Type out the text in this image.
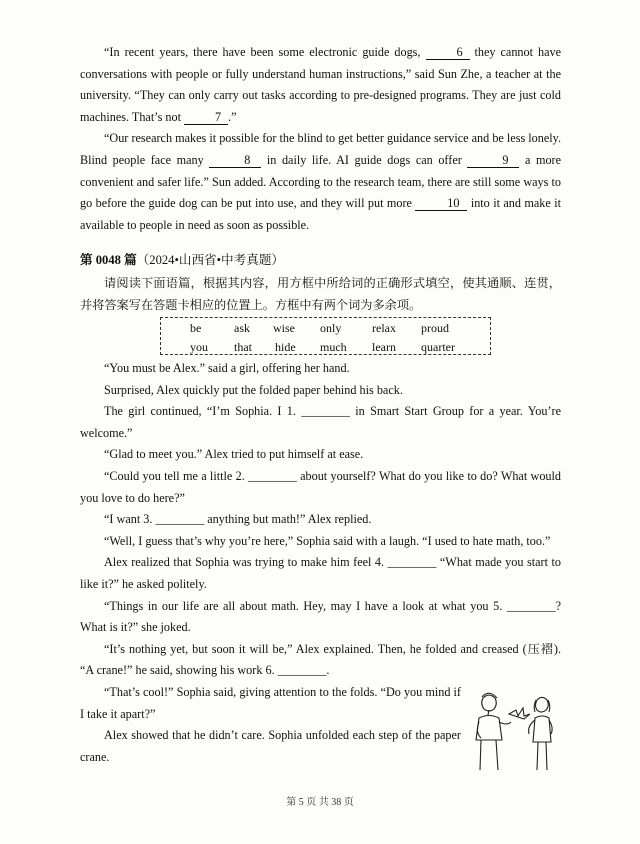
“In recent years, there have been some electronic guide dogs,	6 they cannot have conversations with people or fully understand human instructions,” said Sun Zhe, a teacher at the university. “They can only carry out tasks according to pre-designed programs. They are just cold machines. That’s not	7 .”

“Our research makes it possible for the blind to get better guidance service and be less lonely. Blind people face many	8 in daily life. AI guide dogs can offer	9 a more convenient and safer life.” Sun added. According to the research team, there are still some ways to go before the guide dog can be put into use, and they will put more	10 into it and make it available to people in need as soon as possible.

第 0048 篇（2024•山西省•中考真题）

请阅读下面语篇，根据其内容，用方框中所给词的正确形式填空，使其通顺、连贯，并将答案写在答题卡相应的位置上。方框中有两个词为多余项。

be	ask wise only	relax proud
you that hide much learn quarter

“You must be Alex.” said a girl, offering her hand.

Surprised, Alex quickly put the folded paper behind his back.

The girl continued, “I’m Sophia. I 1. ________ in Smart Start Group for a year. You’re welcome.”

“Glad to meet you.” Alex tried to put himself at ease.

“Could you tell me a little 2. ________ about yourself? What do you like to do? What would you love to do here?”

“I want 3. ________ anything but math!” Alex replied.

“Well, I guess that’s why you’re here,” Sophia said with a laugh. “I used to hate math, too.”

Alex realized that Sophia was trying to make him feel 4. ________ “What made you start to like it?” he asked politely.

“Things in our life are all about math. Hey, may I have a look at what you 5. ________? What is it?” she joked.

“It’s nothing yet, but soon it will be,” Alex explained. Then, he folded and creased (压褶). “A crane!” he said, showing his work 6. ________.

“That’s cool!” Sophia said, giving attention to the folds. “Do you mind if I take it apart?”

Alex showed that he didn’t care. Sophia unfolded each step of the paper crane.

第 5 页 共 38 页
